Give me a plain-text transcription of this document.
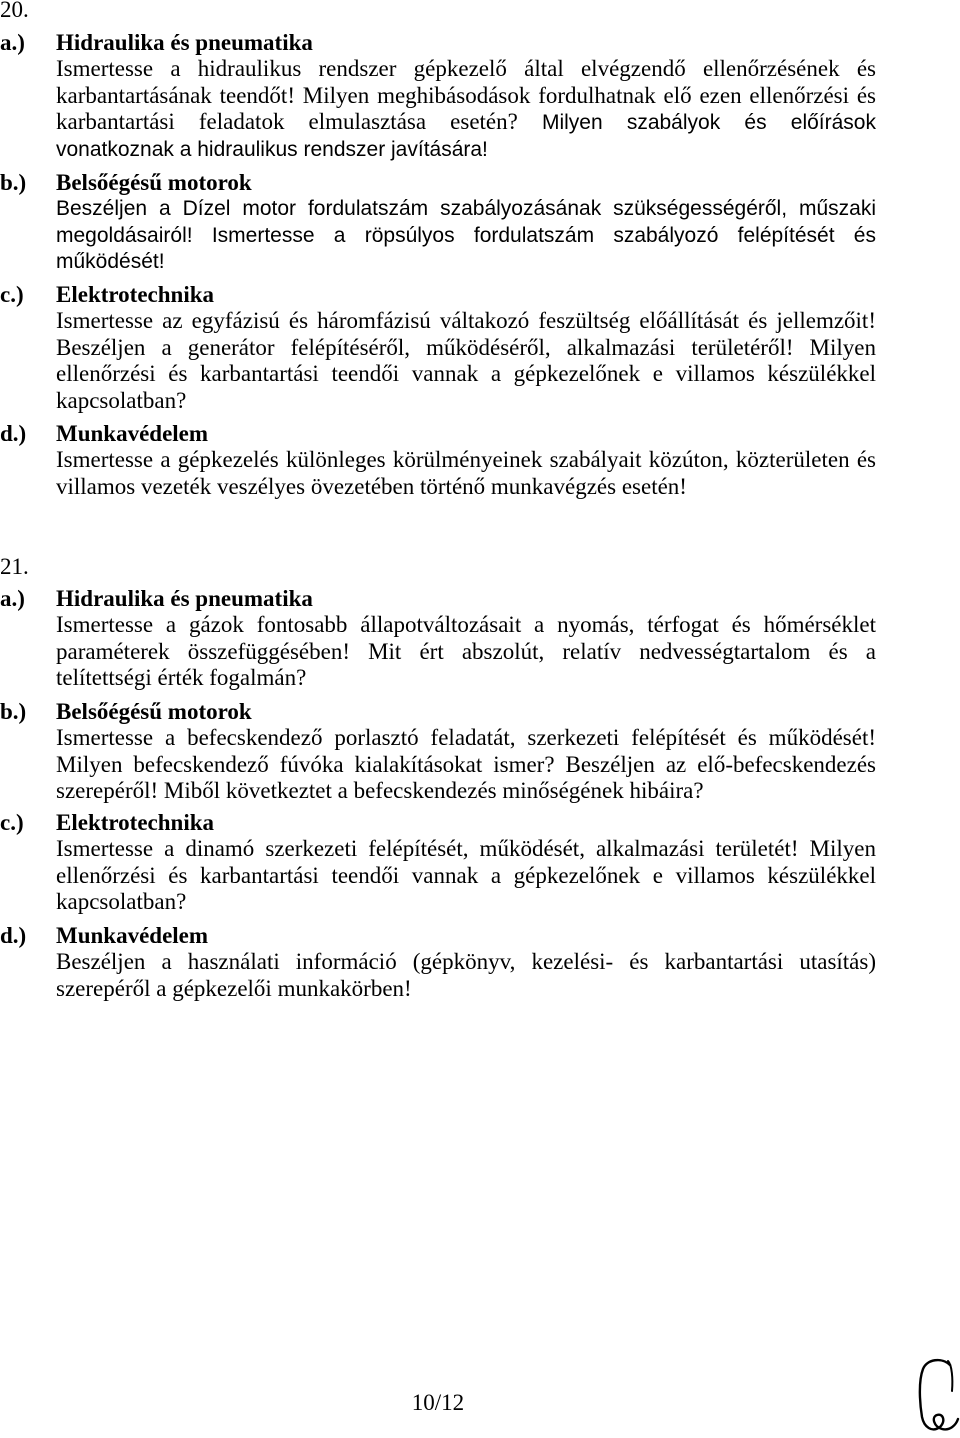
20.
a.)	Hidraulika és pneumatika
Ismertesse a hidraulikus rendszer gépkezelő által elvégzendő ellenőrzésének és
karbantartásának teendőt! Milyen meghibásodások fordulhatnak elő ezen ellenőrzési és
karbantartási feladatok elmulasztása esetén? Milyen szabályok és előírások
vonatkoznak a hidraulikus rendszer javítására!
b.)	Belsőégésű motorok
Beszéljen a Dízel motor fordulatszám szabályozásának szükségességéről, műszaki
megoldásairól! Ismertesse a röpsúlyos fordulatszám szabályozó felépítését és
működését!
c.)	Elektrotechnika
Ismertesse az egyfázisú és háromfázisú váltakozó feszültség előállítását és jellemzőit!
Beszéljen a generátor felépítéséről, működéséről, alkalmazási területéről! Milyen
ellenőrzési és karbantartási teendői vannak a gépkezelőnek e villamos készülékkel
kapcsolatban?
d.)	Munkavédelem
Ismertesse a gépkezelés különleges körülményeinek szabályait közúton, közterületen és
villamos vezeték veszélyes övezetében történő munkavégzés esetén!
21.
a.)	Hidraulika és pneumatika
Ismertesse a gázok fontosabb állapotváltozásait a nyomás, térfogat és hőmérséklet
paraméterek összefüggésében! Mit ért abszolút, relatív nedvességtartalom és a
telítettségi érték fogalmán?
b.)	Belsőégésű motorok
Ismertesse a befecskendező porlasztó feladatát, szerkezeti felépítését és működését!
Milyen befecskendező fúvóka kialakításokat ismer? Beszéljen az elő-befecskendezés
szerepéről! Miből következtet a befecskendezés minőségének hibáira?
c.)	Elektrotechnika
Ismertesse a dinamó szerkezeti felépítését, működését, alkalmazási területét! Milyen
ellenőrzési és karbantartási teendői vannak a gépkezelőnek e villamos készülékkel
kapcsolatban?
d.)	Munkavédelem
Beszéljen a használati információ (gépkönyv, kezelési- és karbantartási utasítás)
szerepéről a gépkezelői munkakörben!
10/12
